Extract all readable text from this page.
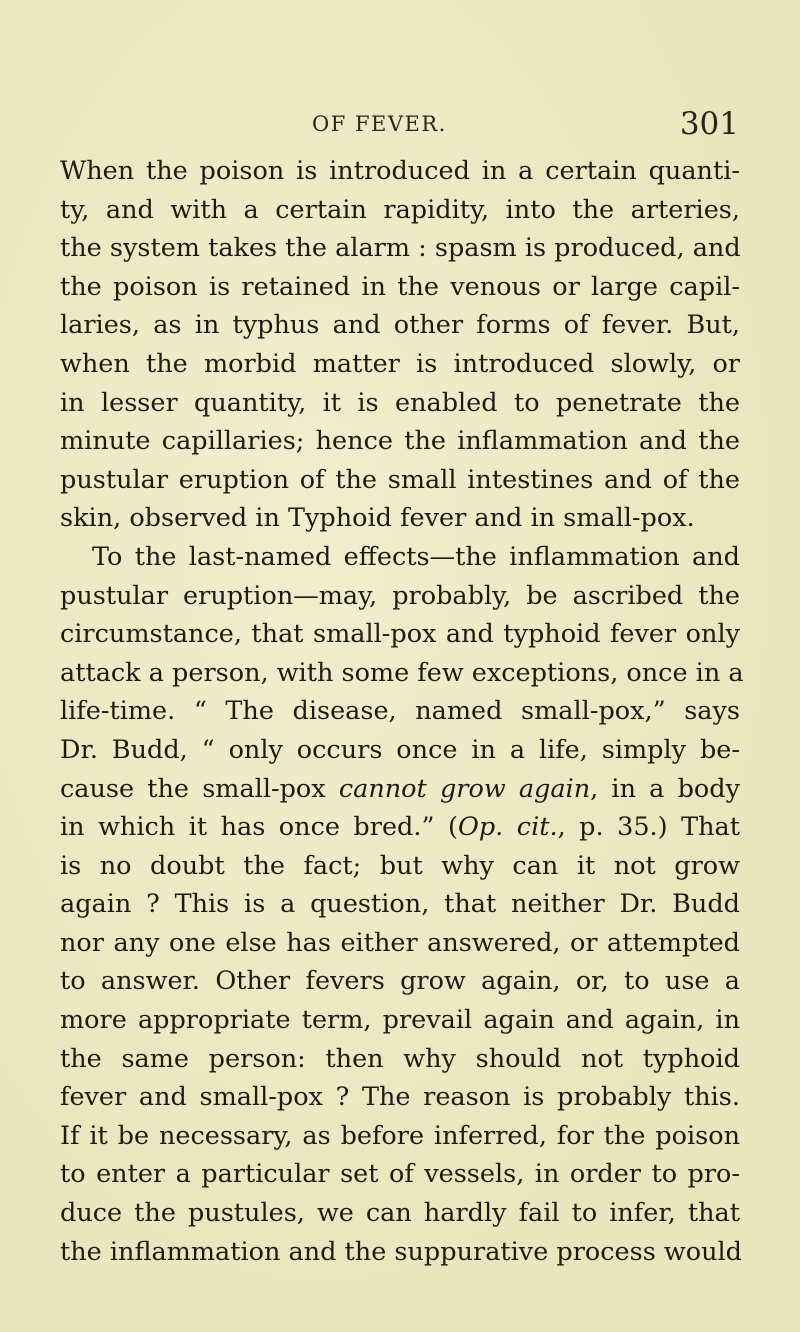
OF FEVER.	301
When the poison is introduced in a certain quanti-
ty, and with a certain rapidity, into the arteries,
the system takes the alarm : spasm is produced, and
the poison is retained in the venous or large capil-
laries, as in typhus and other forms of fever. But,
when the morbid matter is introduced slowly, or
in lesser quantity, it is enabled to penetrate the
minute capillaries; hence the inflammation and the
pustular eruption of the small intestines and of the
skin, observed in Typhoid fever and in small-pox.
To the last-named effects—the inflammation and
pustular eruption—may, probably, be ascribed the
circumstance, that small-pox and typhoid fever only
attack a person, with some few exceptions, once in a
life-time. “ The disease, named small-pox,” says
Dr. Budd, “ only occurs once in a life, simply be-
cause the small-pox cannot grow again, in a body
in which it has once bred.” (Op. cit., p. 35.) That
is no doubt the fact; but why can it not grow
again ? This is a question, that neither Dr. Budd
nor any one else has either answered, or attempted
to answer. Other fevers grow again, or, to use a
more appropriate term, prevail again and again, in
the same person: then why should not typhoid
fever and small-pox ? The reason is probably this.
If it be necessary, as before inferred, for the poison
to enter a particular set of vessels, in order to pro-
duce the pustules, we can hardly fail to infer, that
the inflammation and the suppurative process would
